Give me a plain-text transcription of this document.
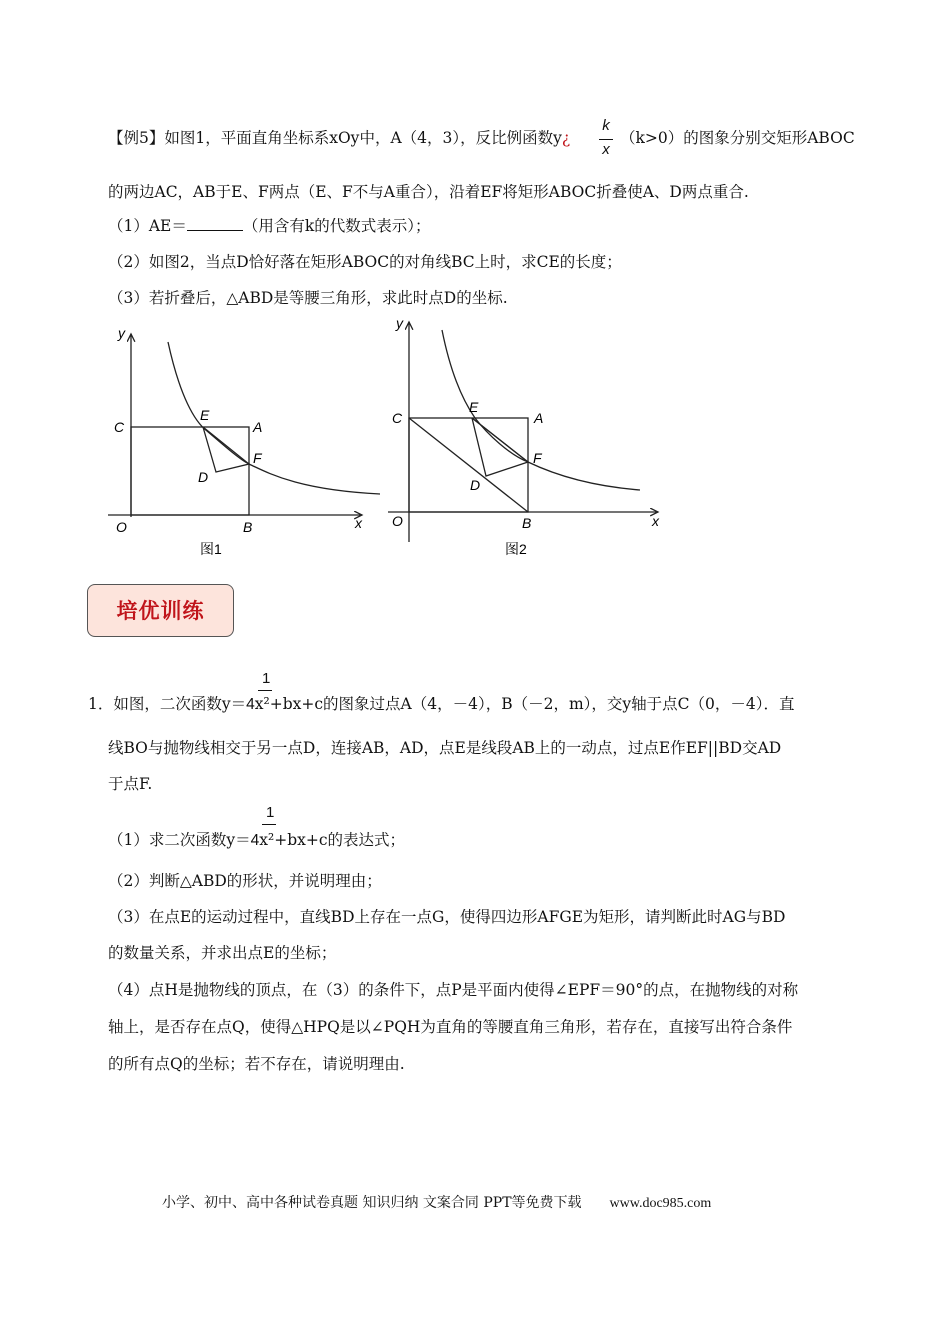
【例5】如图1，平面直角坐标系xOy中，A（4，3），反比例函数y¿
k
x
（k>0）的图象分别交矩形ABOC
的两边AC，AB于E、F两点（E、F不与A重合），沿着EF将矩形ABOC折叠使A、D两点重合.
（1）AE＝	（用含有k的代数式表示）；
（2）如图2，当点D恰好落在矩形ABOC的对角线BC上时，求CE的长度；
（3）若折叠后，△ABD是等腰三角形，求此时点D的坐标.
y
x
O
C
E
A
D
F
B
图1
y
x
O
C
E
A
D
F
B
图2
培优训练
1
1．如图，二次函数y＝4x²+bx+c的图象过点A（4，－4），B（－2，m），交y轴于点C（0，－4）．直
线BO与抛物线相交于另一点D，连接AB，AD，点E是线段AB上的一动点，过点E作EF||BD交AD
于点F.
1
（1）求二次函数y＝4x²+bx+c的表达式；
（2）判断△ABD的形状，并说明理由；
（3）在点E的运动过程中，直线BD上存在一点G，使得四边形AFGE为矩形，请判断此时AG与BD
的数量关系，并求出点E的坐标；
（4）点H是抛物线的顶点，在（3）的条件下，点P是平面内使得∠EPF＝90°的点，在抛物线的对称
轴上，是否存在点Q，使得△HPQ是以∠PQH为直角的等腰直角三角形，若存在，直接写出符合条件
的所有点Q的坐标；若不存在，请说明理由.
小学、初中、高中各种试卷真题 知识归纳 文案合同 PPT等免费下载 www.doc985.com
